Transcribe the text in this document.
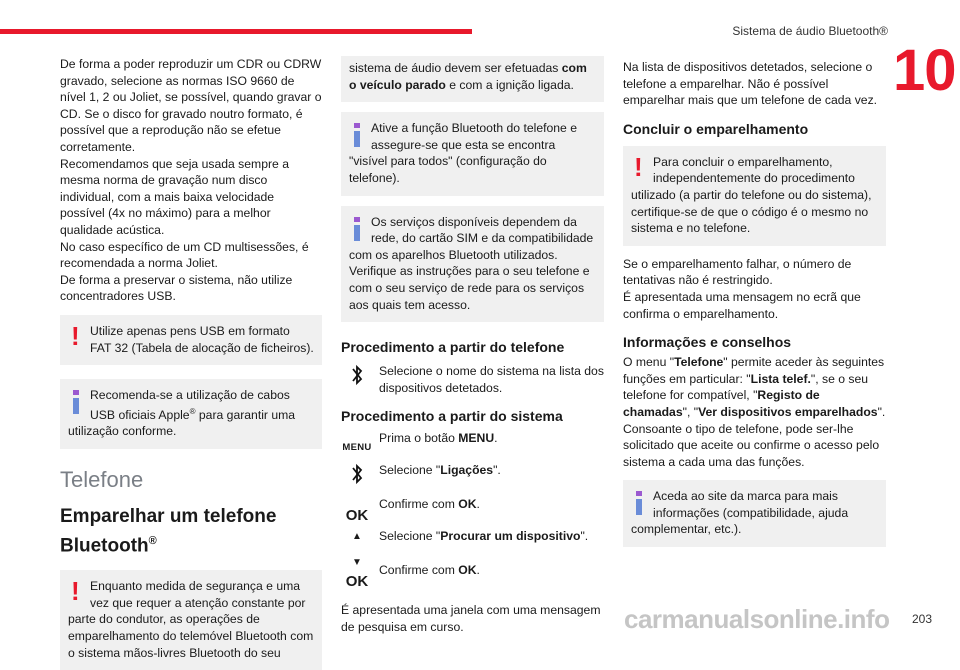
Sistema de áudio Bluetooth®
10

De forma a poder reproduzir um CDR ou CDRW gravado, selecione as normas ISO 9660 de nível 1, 2 ou Joliet, se possível, quando gravar o CD. Se o disco for gravado noutro formato, é possível que a reprodução não se efetue corretamente.

Recomendamos que seja usada sempre a mesma norma de gravação num disco individual, com a mais baixa velocidade possível (4x no máximo) para a melhor qualidade acústica.

No caso específico de um CD multisessões, é recomendada a norma Joliet.

De forma a preservar o sistema, não utilize concentradores USB.

! Utilize apenas pens USB em formato FAT 32 (Tabela de alocação de ficheiros).
Recomenda-se a utilização de cabos USB oficiais Apple® para garantir uma utilização conforme.
Telefone
Emparelhar um telefone Bluetooth®
! Enquanto medida de segurança e uma vez que requer a atenção constante por parte do condutor, as operações de emparelhamento do telemóvel Bluetooth com o sistema mãos-livres Bluetooth do seu
sistema de áudio devem ser efetuadas com o veículo parado e com a ignição ligada.
Ative a função Bluetooth do telefone e assegure-se que esta se encontra "visível para todos" (configuração do telefone).
Os serviços disponíveis dependem da rede, do cartão SIM e da compatibilidade com os aparelhos Bluetooth utilizados. Verifique as instruções para o seu telefone e com o seu serviço de rede para os serviços aos quais tem acesso.
Procedimento a partir do telefone
Selecione o nome do sistema na lista dos dispositivos detetados.
Procedimento a partir do sistema
MENU
Prima o botão MENU.
Selecione "Ligações".
OK
Confirme com OK.
▲

▼
Selecione "Procurar um dispositivo".
OK
Confirme com OK.

É apresentada uma janela com uma mensagem de pesquisa em curso.

Na lista de dispositivos detetados, selecione o telefone a emparelhar. Não é possível emparelhar mais que um telefone de cada vez.

Concluir o emparelhamento
! Para concluir o emparelhamento, independentemente do procedimento utilizado (a partir do telefone ou do sistema), certifique-se de que o código é o mesmo no sistema e no telefone.

Se o emparelhamento falhar, o número de tentativas não é restringido.

É apresentada uma mensagem no ecrã que confirma o emparelhamento.

Informações e conselhos

O menu "Telefone" permite aceder às seguintes funções em particular: "Lista telef.", se o seu telefone for compatível, "Registo de chamadas", "Ver dispositivos emparelhados". Consoante o tipo de telefone, pode ser-lhe solicitado que aceite ou confirme o acesso pelo sistema a cada uma das funções.

Aceda ao site da marca para mais informações (compatibilidade, ajuda complementar, etc.).
carmanualsonline.info 203
